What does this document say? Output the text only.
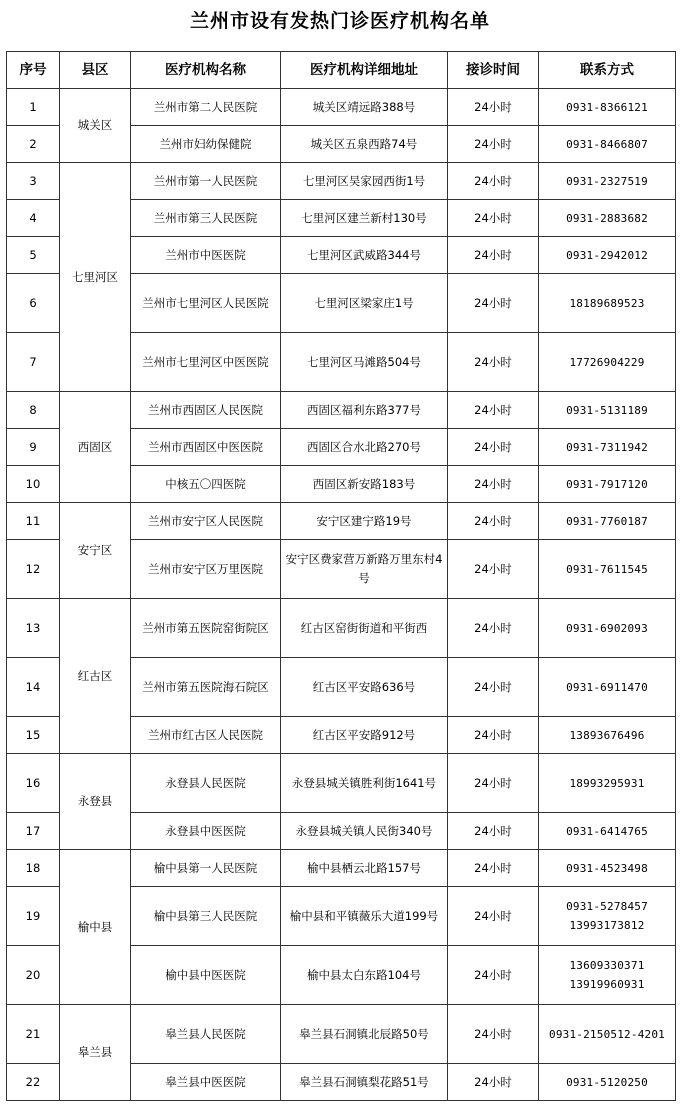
兰州市设有发热门诊医疗机构名单
序号	县区	医疗机构名称	医疗机构详细地址	接诊时间	联系方式
1	城关区	兰州市第二人民医院	城关区靖远路388号	24小时	0931-8366121

2		兰州市妇幼保健院	城关区五泉西路74号	24小时	0931-8466807

3	七里河区	兰州市第一人民医院	七里河区吴家园西街1号	24小时	0931-2327519

4		兰州市第三人民医院	七里河区建兰新村130号	24小时	0931-2883682

5		兰州市中医医院	七里河区武威路344号	24小时	0931-2942012

6		兰州市七里河区人民医院	七里河区梁家庄1号	24小时	18189689523

7		兰州市七里河区中医医院	七里河区马滩路504号	24小时	17726904229

8	西固区	兰州市西固区人民医院	西固区福利东路377号	24小时	0931-5131189

9		兰州市西固区中医医院	西固区合水北路270号	24小时	0931-7311942

10		中核五〇四医院	西固区新安路183号	24小时	0931-7917120

11	安宁区	兰州市安宁区人民医院	安宁区建宁路19号	24小时	0931-7760187

12		兰州市安宁区万里医院	安宁区费家营万新路万里东村4号	24小时	0931-7611545

13	红古区	兰州市第五医院窑街院区	红古区窑街街道和平街西	24小时	0931-6902093

14		兰州市第五医院海石院区	红古区平安路636号	24小时	0931-6911470

15		兰州市红古区人民医院	红古区平安路912号	24小时	13893676496

16	永登县	永登县人民医院	永登县城关镇胜利街1641号	24小时	18993295931

17		永登县中医医院	永登县城关镇人民街340号	24小时	0931-6414765

18	榆中县	榆中县第一人民医院	榆中县栖云北路157号	24小时	0931-4523498

19		榆中县第三人民医院	榆中县和平镇薇乐大道199号	24小时	0931-5278457
13993173812

20		榆中县中医医院	榆中县太白东路104号	24小时	13609330371
13919960931

21	皋兰县	皋兰县人民医院	皋兰县石洞镇北辰路50号	24小时	0931-2150512-4201

22		皋兰县中医医院	皋兰县石洞镇梨花路51号	24小时	0931-5120250
